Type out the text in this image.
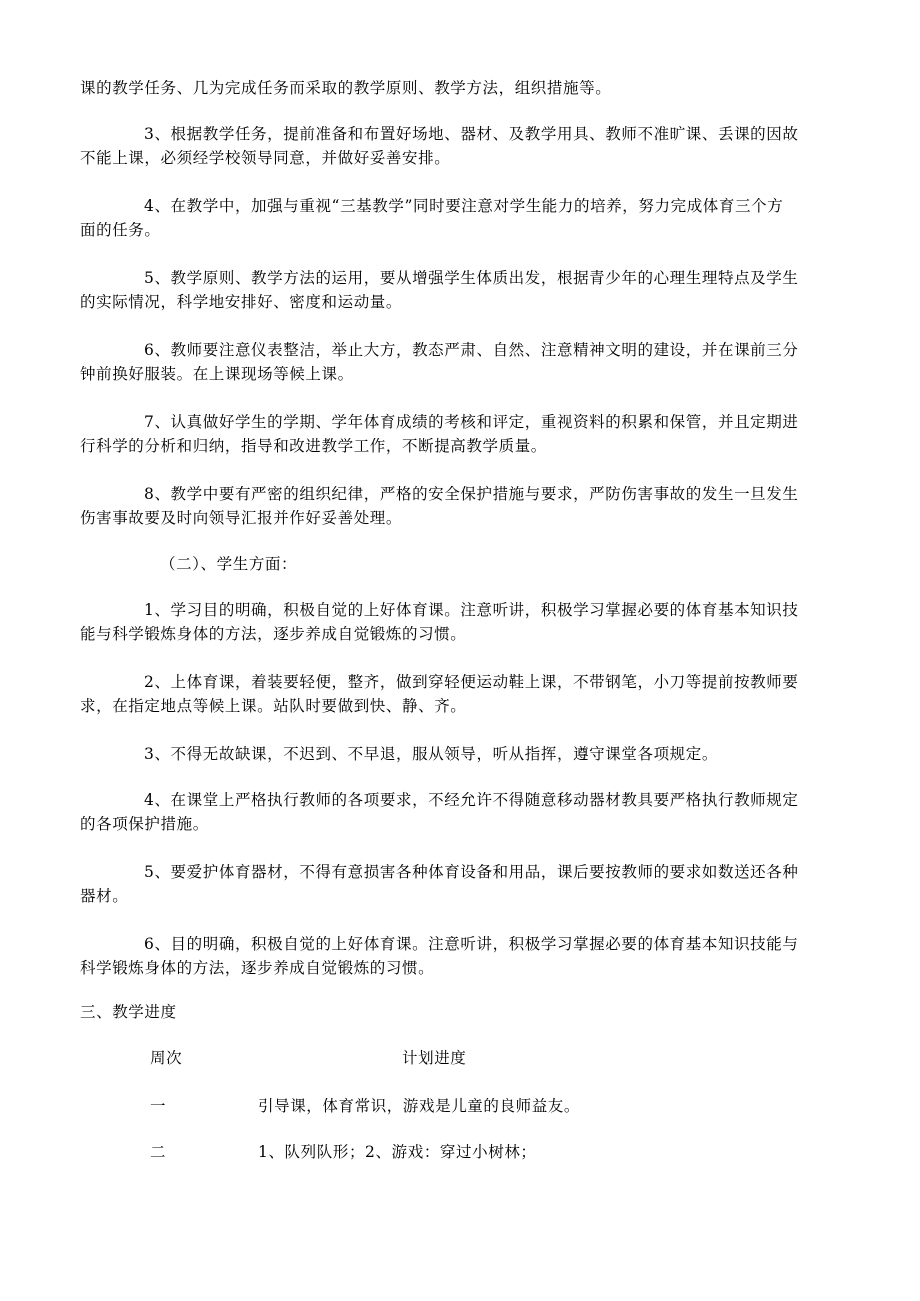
课的教学任务、几为完成任务而采取的教学原则、教学方法，组织措施等。
3、根据教学任务，提前准备和布置好场地、器材、及教学用具、教师不准旷课、丢课的因故
不能上课，必须经学校领导同意，并做好妥善安排。
4、在教学中，加强与重视“三基教学”同时要注意对学生能力的培养，努力完成体育三个方
面的任务。
5、教学原则、教学方法的运用，要从增强学生体质出发，根据青少年的心理生理特点及学生
的实际情况，科学地安排好、密度和运动量。
6、教师要注意仪表整洁，举止大方，教态严肃、自然、注意精神文明的建设，并在课前三分
钟前换好服装。在上课现场等候上课。
7、认真做好学生的学期、学年体育成绩的考核和评定，重视资料的积累和保管，并且定期进
行科学的分析和归纳，指导和改进教学工作，不断提高教学质量。
8、教学中要有严密的组织纪律，严格的安全保护措施与要求，严防伤害事故的发生一旦发生
伤害事故要及时向领导汇报并作好妥善处理。
（二）、学生方面：
1、学习目的明确，积极自觉的上好体育课。注意听讲，积极学习掌握必要的体育基本知识技
能与科学锻炼身体的方法，逐步养成自觉锻炼的习惯。
2、上体育课，着装要轻便，整齐，做到穿轻便运动鞋上课，不带钢笔，小刀等提前按教师要
求，在指定地点等候上课。站队时要做到快、静、齐。
3、不得无故缺课，不迟到、不早退，服从领导，听从指挥，遵守课堂各项规定。
4、在课堂上严格执行教师的各项要求，不经允许不得随意移动器材教具要严格执行教师规定
的各项保护措施。
5、要爱护体育器材，不得有意损害各种体育设备和用品，课后要按教师的要求如数送还各种
器材。
6、目的明确，积极自觉的上好体育课。注意听讲，积极学习掌握必要的体育基本知识技能与
科学锻炼身体的方法，逐步养成自觉锻炼的习惯。
三、教学进度
周次	计划进度
一	引导课，体育常识，游戏是儿童的良师益友。
二	1、队列队形；2、游戏：穿过小树林；
